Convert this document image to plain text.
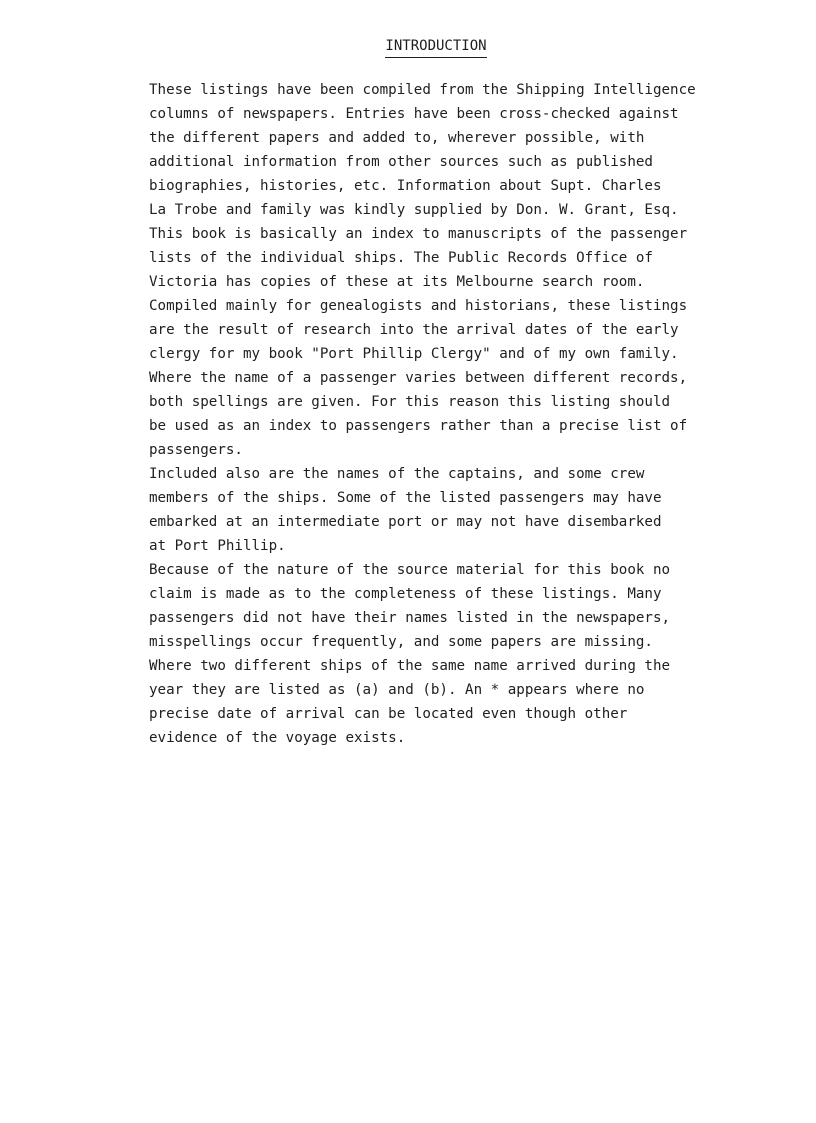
INTRODUCTION
These listings have been compiled from the Shipping Intelligence
columns of newspapers. Entries have been cross-checked against
the different papers and added to, wherever possible, with
additional information from other sources such as published
biographies, histories, etc. Information about Supt. Charles
La Trobe and family was kindly supplied by Don. W. Grant, Esq.
This book is basically an index to manuscripts of the passenger
lists of the individual ships. The Public Records Office of
Victoria has copies of these at its Melbourne search room.
Compiled mainly for genealogists and historians, these listings
are the result of research into the arrival dates of the early
clergy for my book "Port Phillip Clergy" and of my own family.
Where the name of a passenger varies between different records,
both spellings are given. For this reason this listing should
be used as an index to passengers rather than a precise list of
passengers.
Included also are the names of the captains, and some crew
members of the ships. Some of the listed passengers may have
embarked at an intermediate port or may not have disembarked
at Port Phillip.
Because of the nature of the source material for this book no
claim is made as to the completeness of these listings. Many
passengers did not have their names listed in the newspapers,
misspellings occur frequently, and some papers are missing.
Where two different ships of the same name arrived during the
year they are listed as (a) and (b). An * appears where no
precise date of arrival can be located even though other
evidence of the voyage exists.
